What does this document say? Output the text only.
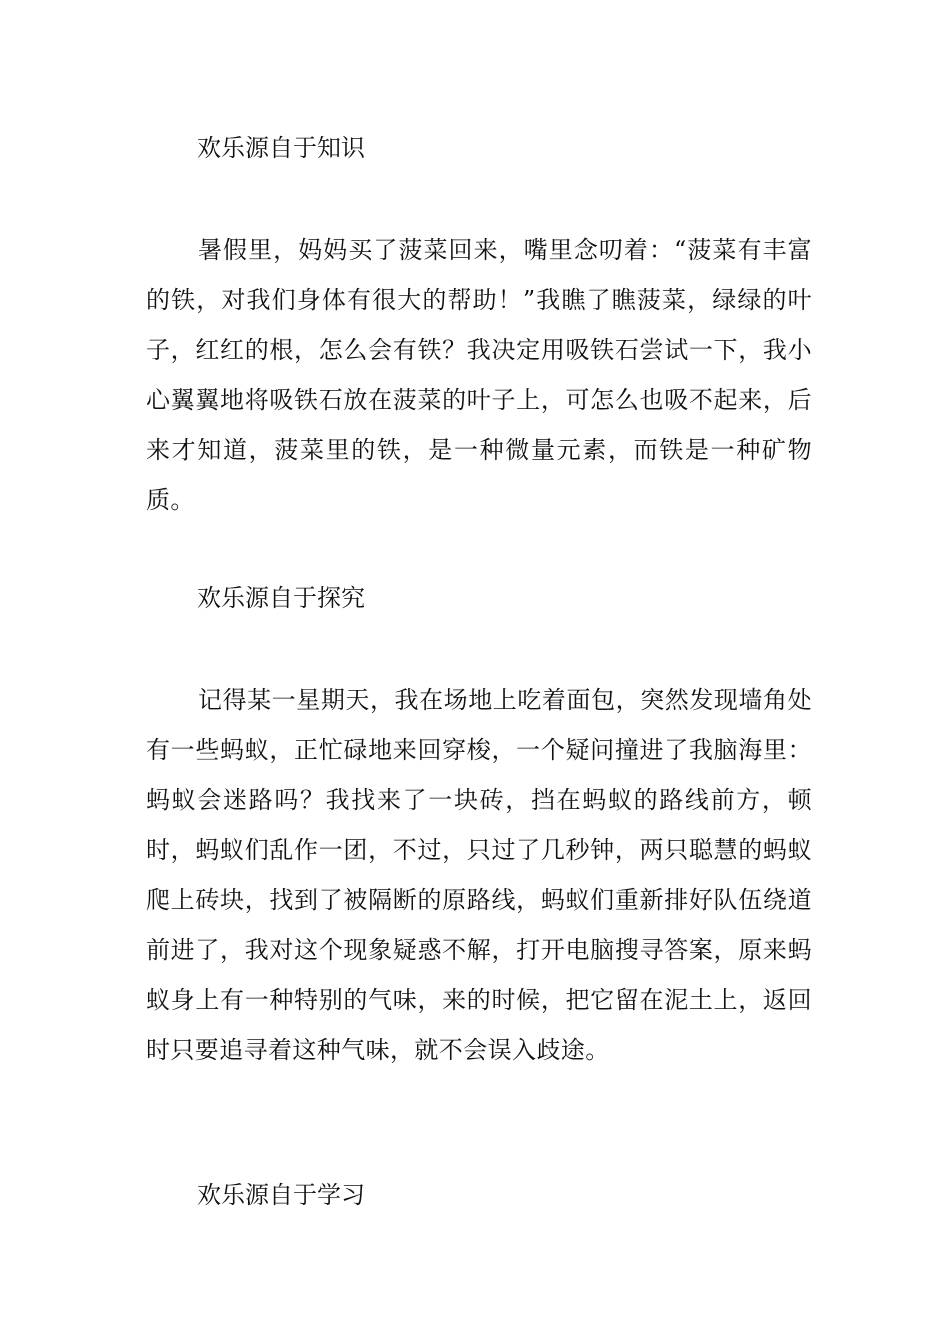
欢乐源自于知识

暑假里，妈妈买了菠菜回来，嘴里念叨着：“菠菜有丰富的铁，对我们身体有很大的帮助！”我瞧了瞧菠菜，绿绿的叶子，红红的根，怎么会有铁？我决定用吸铁石尝试一下，我小心翼翼地将吸铁石放在菠菜的叶子上，可怎么也吸不起来，后来才知道，菠菜里的铁，是一种微量元素，而铁是一种矿物质。

欢乐源自于探究

记得某一星期天，我在场地上吃着面包，突然发现墙角处有一些蚂蚁，正忙碌地来回穿梭，一个疑问撞进了我脑海里：蚂蚁会迷路吗？我找来了一块砖，挡在蚂蚁的路线前方，顿时，蚂蚁们乱作一团，不过，只过了几秒钟，两只聪慧的蚂蚁爬上砖块，找到了被隔断的原路线，蚂蚁们重新排好队伍绕道前进了，我对这个现象疑惑不解，打开电脑搜寻答案，原来蚂蚁身上有一种特别的气味，来的时候，把它留在泥土上，返回时只要追寻着这种气味，就不会误入歧途。

欢乐源自于学习
